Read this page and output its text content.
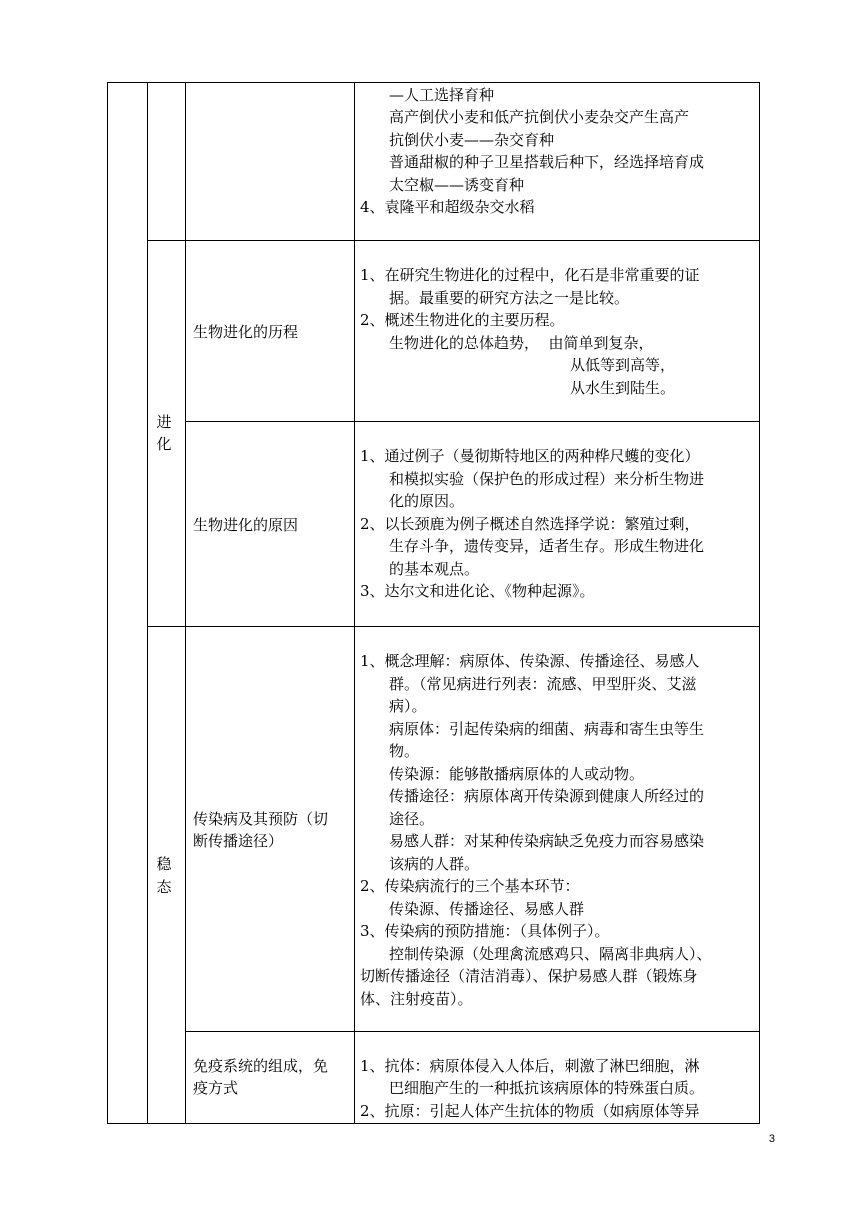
—人工选择育种
高产倒伏小麦和低产抗倒伏小麦杂交产生高产
抗倒伏小麦——杂交育种
普通甜椒的种子卫星搭载后种下，经选择培育成
太空椒——诱变育种
4、袁隆平和超级杂交水稻
进
化
生物进化的历程
1、在研究生物进化的过程中，化石是非常重要的证
据。最重要的研究方法之一是比较。
2、概述生物进化的主要历程。
生物进化的总体趋势，  由简单到复杂，
从低等到高等，
从水生到陆生。
生物进化的原因
1、通过例子（曼彻斯特地区的两种桦尺蠖的变化）
和模拟实验（保护色的形成过程）来分析生物进
化的原因。
2、以长颈鹿为例子概述自然选择学说：繁殖过剩，
生存斗争，遗传变异，适者生存。形成生物进化
的基本观点。
3、达尔文和进化论、《物种起源》。
稳
态
传染病及其预防（切
断传播途径）
1、概念理解：病原体、传染源、传播途径、易感人
群。（常见病进行列表：流感、甲型肝炎、艾滋
病）。
病原体：引起传染病的细菌、病毒和寄生虫等生
物。
传染源：能够散播病原体的人或动物。
传播途径：病原体离开传染源到健康人所经过的
途径。
易感人群：对某种传染病缺乏免疫力而容易感染
该病的人群。
2、传染病流行的三个基本环节：
传染源、传播途径、易感人群
3、传染病的预防措施：（具体例子）。
控制传染源（处理禽流感鸡只、隔离非典病人）、
切断传播途径（清洁消毒）、保护易感人群（锻炼身
体、注射疫苗）。
免疫系统的组成，免
疫方式
1、抗体：病原体侵入人体后，刺激了淋巴细胞，淋
巴细胞产生的一种抵抗该病原体的特殊蛋白质。
2、抗原：引起人体产生抗体的物质（如病原体等异
3
